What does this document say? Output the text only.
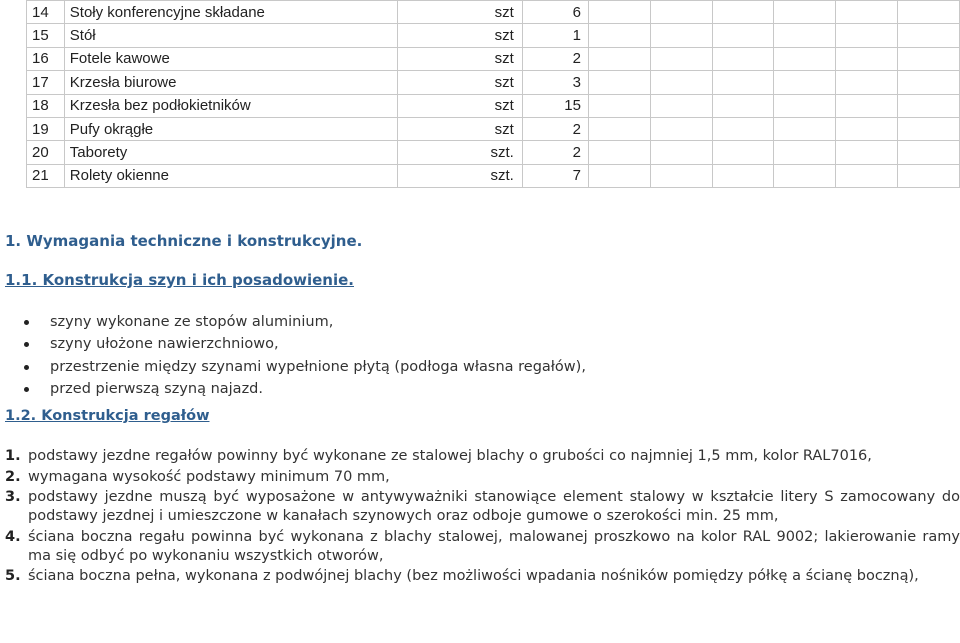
14	Stoły konferencyjne składane	szt	6						
15	Stół	szt	1						
16	Fotele kawowe	szt	2						
17	Krzesła biurowe	szt	3						
18	Krzesła bez podłokietników	szt	15						
19	Pufy okrągłe	szt	2						
20	Taborety	szt.	2						
21	Rolety okienne	szt.	7						
1. Wymagania techniczne i konstrukcyjne.
1.1. Konstrukcja szyn i ich posadowienie.
szyny wykonane ze stopów aluminium,
szyny ułożone nawierzchniowo,
przestrzenie między szynami wypełnione płytą (podłoga własna regałów),
przed pierwszą szyną najazd.
1.2. Konstrukcja regałów
1. podstawy jezdne regałów powinny być wykonane ze stalowej blachy o grubości co najmniej 1,5 mm, kolor RAL7016,
2. wymagana wysokość podstawy minimum 70 mm,
3. podstawy jezdne muszą być wyposażone w antywyważniki stanowiące element stalowy w kształcie litery S zamocowany do podstawy jezdnej i umieszczone w kanałach szynowych oraz odboje gumowe o szerokości min. 25 mm,
4. ściana boczna regału powinna być wykonana z blachy stalowej, malowanej proszkowo na kolor RAL 9002; lakierowanie ramy ma się odbyć po wykonaniu wszystkich otworów,
5. ściana boczna pełna, wykonana z podwójnej blachy (bez możliwości wpadania nośników pomiędzy półkę a ścianę boczną),
